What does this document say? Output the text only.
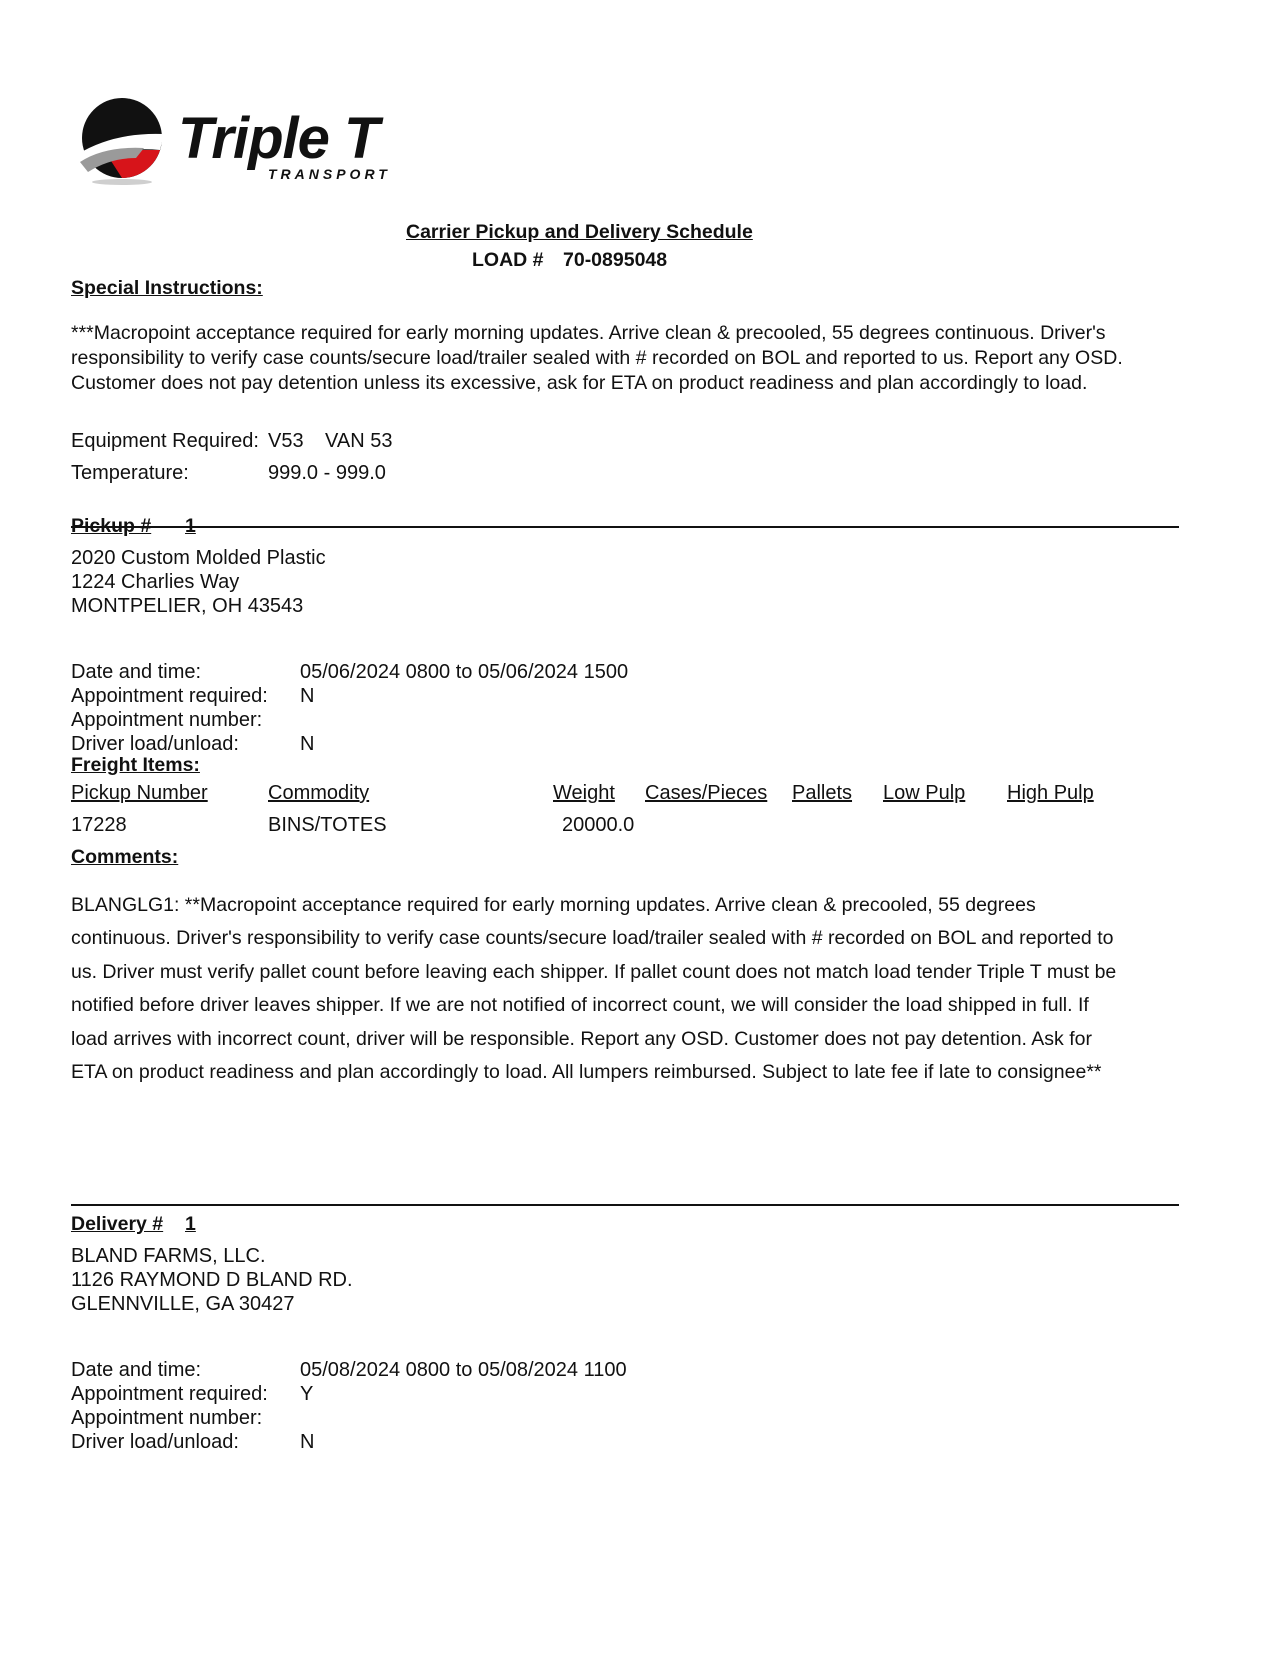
Triple T
TRANSPORT
Carrier Pickup and Delivery Schedule
LOAD # 70-0895048
Special Instructions:
***Macropoint acceptance required for early morning updates. Arrive clean & precooled, 55 degrees continuous. Driver's responsibility to verify case counts/secure load/trailer sealed with # recorded on BOL and reported to us. Report any OSD. Customer does not pay detention unless its excessive, ask for ETA on product readiness and plan accordingly to load.
Equipment Required: V53 VAN 53
Temperature:	999.0 - 999.0
Pickup # 1
2020 Custom Molded Plastic
1224 Charlies Way
MONTPELIER, OH 43543
Date and time:	05/06/2024 0800 to 05/06/2024 1500
Appointment required: N
Appointment number:
Driver load/unload:	N
Freight Items:
Pickup Number	Commodity	Weight Cases/Pieces Pallets Low Pulp High Pulp
17228	BINS/TOTES	20000.0
Comments:
BLANGLG1: **Macropoint acceptance required for early morning updates. Arrive clean & precooled, 55 degrees continuous. Driver's responsibility to verify case counts/secure load/trailer sealed with # recorded on BOL and reported to us. Driver must verify pallet count before leaving each shipper. If pallet count does not match load tender Triple T must be notified before driver leaves shipper. If we are not notified of incorrect count, we will consider the load shipped in full. If load arrives with incorrect count, driver will be responsible. Report any OSD. Customer does not pay detention. Ask for ETA on product readiness and plan accordingly to load. All lumpers reimbursed. Subject to late fee if late to consignee**
Delivery # 1
BLAND FARMS, LLC.
1126 RAYMOND D BLAND RD.
GLENNVILLE, GA 30427
Date and time:	05/08/2024 0800 to 05/08/2024 1100
Appointment required: Y
Appointment number:
Driver load/unload:	N
